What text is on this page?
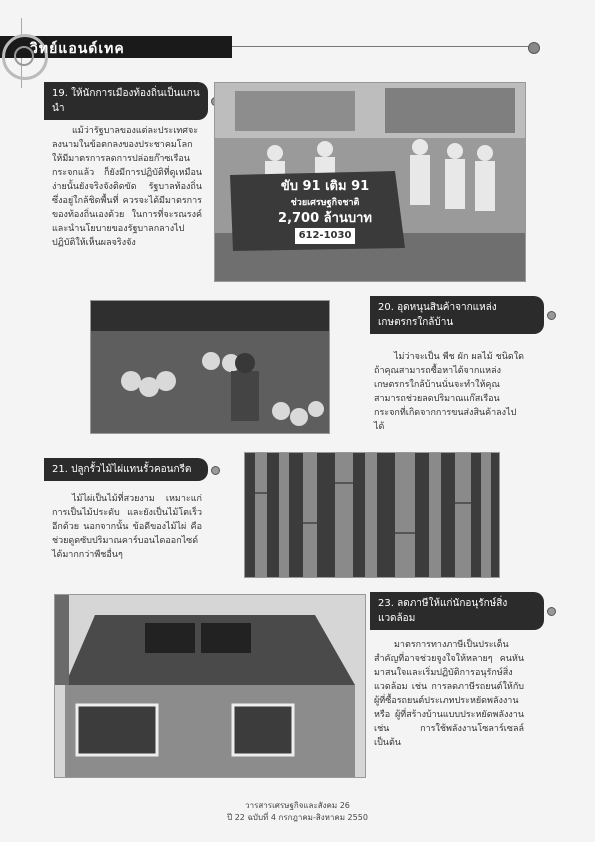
วิทย์แอนด์เทค
19. ให้นักการเมืองท้องถิ่นเป็นแกนนำ
แม้ว่ารัฐบาลของแต่ละประเทศจะลงนามในข้อตกลงของประชาคมโลก ให้มีมาตรการลดการปล่อยก๊าซเรือนกระจกแล้ว ก็ยังมีการปฏิบัติที่ดูเหมือนง่ายนั้นยังจริงจังติดขัด รัฐบาลท้องถิ่นซึ่งอยู่ใกล้ชิดพื้นที่ ควรจะได้มีมาตรการของท้องถิ่นเองด้วย ในการที่จะรณรงค์และนำนโยบายของรัฐบาลกลางไปปฏิบัติให้เห็นผลจริงจัง
ขับ 91 เติม 91
ช่วยเศรษฐกิจชาติ
2,700 ล้านบาท
612-1030
20. อุดหนุนสินค้าจากแหล่งเกษตรกรใกล้บ้าน
ไม่ว่าจะเป็น พืช ผัก ผลไม้ ชนิดใด ถ้าคุณสามารถซื้อหาได้จากแหล่งเกษตรกรใกล้บ้านนั่นจะทำให้คุณสามารถช่วยลดปริมาณแก๊สเรือนกระจกที่เกิดจากการขนส่งสินค้าลงไปได้
21. ปลูกรั้วไม้ไผ่แทนรั้วคอนกรีต
ไม้ไผ่เป็นไม้ที่สวยงาม เหมาะแก่การเป็นไม้ประดับ และยังเป็นไม้โตเร็วอีกด้วย นอกจากนั้น ข้อดีของไม้ไผ่ คือ ช่วยดูดซับปริมาณคาร์บอนไดออกไซด์ได้มากกว่าพืชอื่นๆ
23. ลดภาษีให้แก่นักอนุรักษ์สิ่งแวดล้อม
มาตรการทางภาษีเป็นประเด็นสำคัญที่อาจช่วยจูงใจให้หลายๆ คนหันมาสนใจและเริ่มปฏิบัติการอนุรักษ์สิ่งแวดล้อม เช่น การลดภาษีรถยนต์ให้กับผู้ที่ซื้อรถยนต์ประเภทประหยัดพลังงาน หรือ ผู้ที่สร้างบ้านแบบประหยัดพลังงาน เช่น การใช้พลังงานโซลาร์เซลล์ เป็นต้น
วารสารเศรษฐกิจและสังคม 26
ปี 22 ฉบับที่ 4 กรกฎาคม-สิงหาคม 2550
